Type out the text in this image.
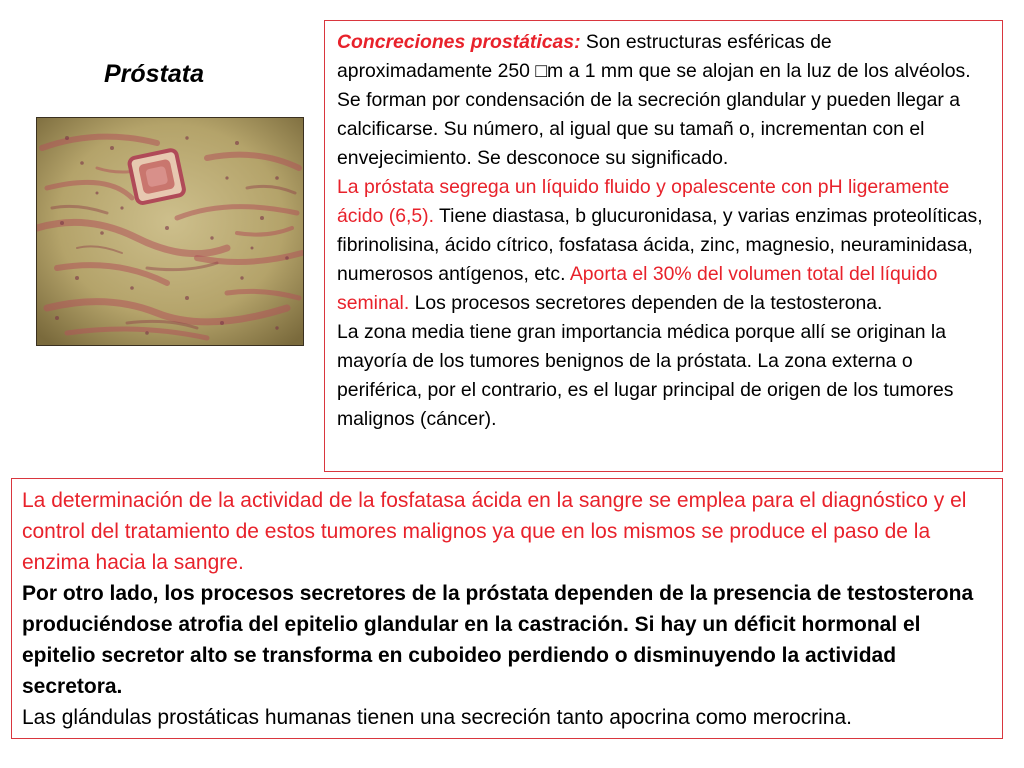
Próstata

Concreciones prostáticas: Son estructuras esféricas de aproximadamente 250 □m a 1 mm que se alojan en la luz de los alvéolos. Se forman por condensación de la secreción glandular y pueden llegar a calcificarse. Su número, al igual que su tamañ o, incrementan con el envejecimiento. Se desconoce su significado.

La próstata segrega un líquido fluido y opalescente con pH ligeramente ácido (6,5). Tiene diastasa, b glucuronidasa, y varias enzimas proteolíticas, fibrinolisina, ácido cítrico, fosfatasa ácida, zinc, magnesio, neuraminidasa, numerosos antígenos, etc. Aporta el 30% del volumen total del líquido seminal. Los procesos secretores dependen de la testosterona.

La zona media tiene gran importancia médica porque allí se originan la mayoría de los tumores benignos de la próstata. La zona externa o periférica, por el contrario, es el lugar principal de origen de los tumores malignos (cáncer).

La determinación de la actividad de la fosfatasa ácida en la sangre se emplea para el diagnóstico y el control del tratamiento de estos tumores malignos ya que en los mismos se produce el paso de la enzima hacia la sangre.

Por otro lado, los procesos secretores de la próstata dependen de la presencia de testosterona produciéndose atrofia del epitelio glandular en la castración. Si hay un déficit hormonal el epitelio secretor alto se transforma en cuboideo perdiendo o disminuyendo la actividad secretora.

Las glándulas prostáticas humanas tienen una secreción tanto apocrina como merocrina.
